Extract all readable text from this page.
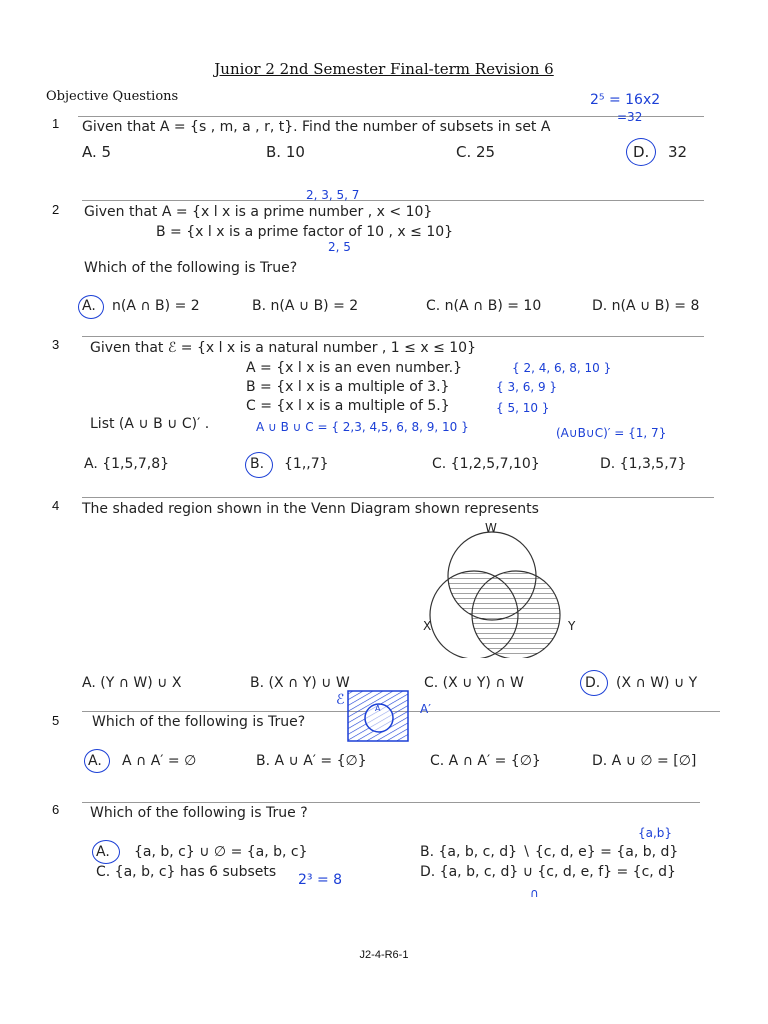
Junior 2 2nd Semester Final-term Revision 6
Objective Questions
1 Given that A = {s , m, a , r, t}. Find the number of subsets in set A
A. 5	B. 10	C. 25	D. 32
2⁵ = 16x2
=32
2 Given that A = {x l x is a prime number , x < 10}
B = {x l x is a prime factor of 10 , x ≤ 10}
Which of the following is True?
A. n(A ∩ B) = 2	B. n(A ∪ B) = 2	C. n(A ∩ B) = 10	D. n(A ∪ B) = 8
2, 3, 5, 7
2, 5
3 Given that ℰ = {x l x is a natural number , 1 ≤ x ≤ 10}
A = {x l x is an even number.}
B = {x l x is a multiple of 3.}
C = {x l x is a multiple of 5.}
List (A ∪ B ∪ C)′ .
A. {1,5,7,8}	B. {1,,7}	C. {1,2,5,7,10}	D. {1,3,5,7}
{ 2, 4, 6, 8, 10 }
{ 3, 6, 9 }
{ 5, 10 }
A ∪ B ∪ C = { 2,3, 4,5, 6, 8, 9, 10 }	(A∪B∪C)′ = {1, 7}
4 The shaded region shown in the Venn Diagram shown represents
W
X	Y
A. (Y ∩ W) ∪ X	B. (X ∩ Y) ∪ W	C. (X ∪ Y) ∩ W	D. (X ∩ W) ∪ Y
5 Which of the following is True?
A. A ∩ A′ = ∅	B. A ∪ A′ = {∅}	C. A ∩ A′ = {∅}	D. A ∪ ∅ = [∅]
A
ℰ
A′
6 Which of the following is True ?
A. {a, b, c} ∪ ∅ = {a, b, c}	B. {a, b, c, d} ∖ {c, d, e} = {a, b, d}
C. {a, b, c} has 6 subsets	D. {a, b, c, d} ∪ {c, d, e, f} = {c, d}
{a,b}
2³ = 8
∩
J2-4-R6-1
